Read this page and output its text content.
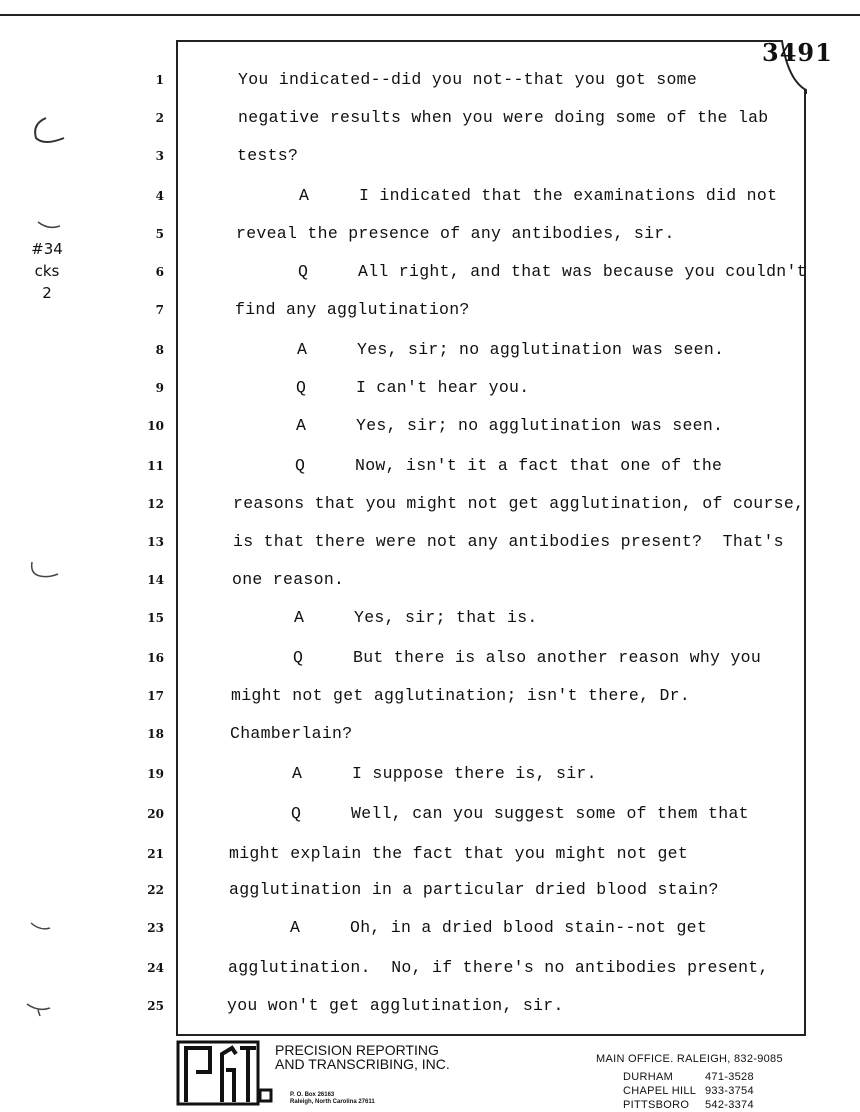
3491
#34
cks
2
1	You indicated--did you not--that you got some
2	negative results when you were doing some of the lab
3	tests?
4	A	I indicated that the examinations did not
5	reveal the presence of any antibodies, sir.
6	Q	All right, and that was because you couldn't
7	find any agglutination?
8	A	Yes, sir; no agglutination was seen.
9	Q	I can't hear you.
10	A	Yes, sir; no agglutination was seen.
11	Q	Now, isn't it a fact that one of the
12	reasons that you might not get agglutination, of course,
13	is that there were not any antibodies present?  That's
14	one reason.
15	A	Yes, sir; that is.
16	Q	But there is also another reason why you
17	might not get agglutination; isn't there, Dr.
18	Chamberlain?
19	A	I suppose there is, sir.
20	Q	Well, can you suggest some of them that
21	might explain the fact that you might not get
22	agglutination in a particular dried blood stain?
23	A	Oh, in a dried blood stain--not get
24	agglutination.  No, if there's no antibodies present,
25	you won't get agglutination, sir.
PRECISION REPORTING
AND TRANSCRIBING, INC.
P. O. Box 26163
Raleigh, North Carolina 27611
MAIN OFFICE. RALEIGH, 832-9085
DURHAM	471-3528
CHAPEL HILL 933-3754
PITTSBORO 542-3374
